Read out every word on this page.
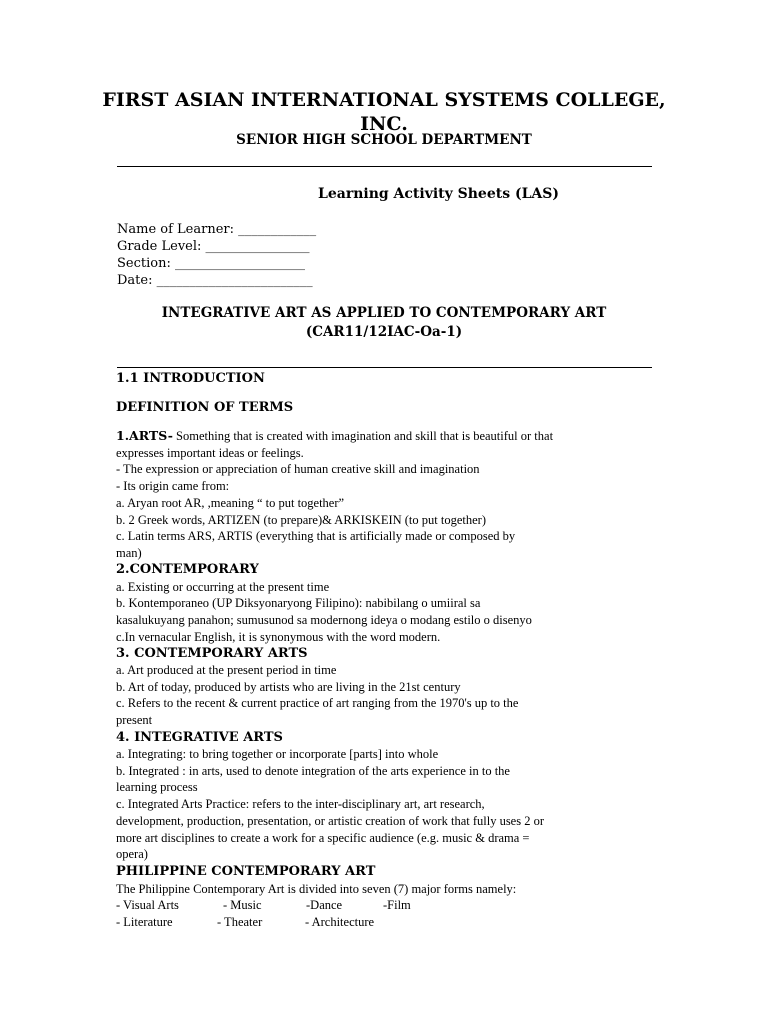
FIRST ASIAN INTERNATIONAL SYSTEMS COLLEGE,
INC.
SENIOR HIGH SCHOOL DEPARTMENT
Learning Activity Sheets (LAS)
Name of Learner: ____________
Grade Level: ________________
Section: ____________________
Date: ________________________
INTEGRATIVE ART AS APPLIED TO CONTEMPORARY ART
(CAR11/12IAC-Oa-1)
1.1 INTRODUCTION
DEFINITION OF TERMS
1.ARTS- Something that is created with imagination and skill that is beautiful or that
expresses important ideas or feelings.
- The expression or appreciation of human creative skill and imagination
- Its origin came from:
a. Aryan root AR, ,meaning “ to put together”
b. 2 Greek words, ARTIZEN (to prepare)& ARKISKEIN (to put together)
c. Latin terms ARS, ARTIS (everything that is artificially made or composed by
man)
2.CONTEMPORARY
a. Existing or occurring at the present time
b. Kontemporaneo (UP Diksyonaryong Filipino): nabibilang o umiiral sa
kasalukuyang panahon; sumusunod sa modernong ideya o modang estilo o disenyo
c.In vernacular English, it is synonymous with the word modern.
3. CONTEMPORARY ARTS
a. Art produced at the present period in time
b. Art of today, produced by artists who are living in the 21st century
c. Refers to the recent & current practice of art ranging from the 1970's up to the
present
4. INTEGRATIVE ARTS
a. Integrating: to bring together or incorporate [parts] into whole
b. Integrated : in arts, used to denote integration of the arts experience in to the
learning process
c. Integrated Arts Practice: refers to the inter-disciplinary art, art research,
development, production, presentation, or artistic creation of work that fully uses 2 or
more art disciplines to create a work for a specific audience (e.g. music & drama =
opera)
PHILIPPINE CONTEMPORARY ART
The Philippine Contemporary Art is divided into seven (7) major forms namely:
- Visual Arts	- Music	-Dance	-Film
- Literature	- Theater	- Architecture
